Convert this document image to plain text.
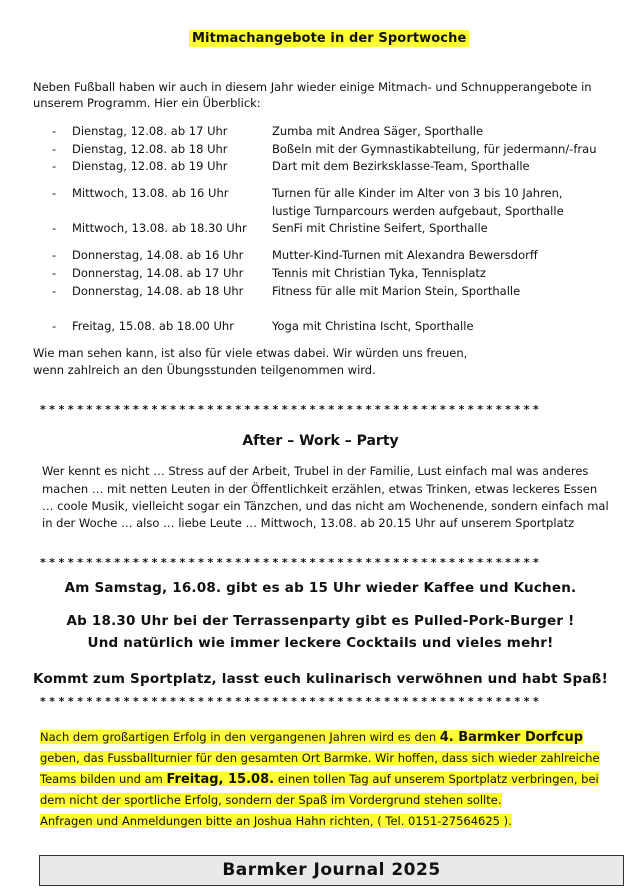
Mitmachangebote in der Sportwoche
Neben Fußball haben wir auch in diesem Jahr wieder einige Mitmach- und Schnupperangebote in
unserem Programm. Hier ein Überblick:
- Dienstag, 12.08. ab 17 Uhr	Zumba mit Andrea Säger, Sporthalle
- Dienstag, 12.08. ab 18 Uhr	Boßeln mit der Gymnastikabteilung, für jedermann/-frau
- Dienstag, 12.08. ab 19 Uhr	Dart mit dem Bezirksklasse-Team, Sporthalle
- Mittwoch, 13.08. ab 16 Uhr	Turnen für alle Kinder im Alter von 3 bis 10 Jahren,
lustige Turnparcours werden aufgebaut, Sporthalle
- Mittwoch, 13.08. ab 18.30 Uhr SenFi mit Christine Seifert, Sporthalle
- Donnerstag, 14.08. ab 16 Uhr Mutter-Kind-Turnen mit Alexandra Bewersdorff
- Donnerstag, 14.08. ab 17 Uhr Tennis mit Christian Tyka, Tennisplatz
- Donnerstag, 14.08. ab 18 Uhr Fitness für alle mit Marion Stein, Sporthalle
- Freitag, 15.08. ab 18.00 Uhr	Yoga mit Christina Ischt, Sporthalle
Wie man sehen kann, ist also für viele etwas dabei. Wir würden uns freuen,
wenn zahlreich an den Übungsstunden teilgenommen wird.
******************************************************
After – Work – Party
Wer kennt es nicht … Stress auf der Arbeit, Trubel in der Familie, Lust einfach mal was anderes
machen … mit netten Leuten in der Öffentlichkeit erzählen, etwas Trinken, etwas leckeres Essen
… coole Musik, vielleicht sogar ein Tänzchen, und das nicht am Wochenende, sondern einfach mal
in der Woche … also … liebe Leute … Mittwoch, 13.08. ab 20.15 Uhr auf unserem Sportplatz
******************************************************
Am Samstag, 16.08. gibt es ab 15 Uhr wieder Kaffee und Kuchen.
Ab 18.30 Uhr bei der Terrassenparty gibt es Pulled-Pork-Burger !
Und natürlich wie immer leckere Cocktails und vieles mehr!
Kommt zum Sportplatz, lasst euch kulinarisch verwöhnen und habt Spaß!
******************************************************
Nach dem großartigen Erfolg in den vergangenen Jahren wird es den 4. Barmker Dorfcup geben, das Fussballturnier für den gesamten Ort Barmke. Wir hoffen, dass sich wieder zahlreiche Teams bilden und am Freitag, 15.08. einen tollen Tag auf unserem Sportplatz verbringen, bei dem nicht der sportliche Erfolg, sondern der Spaß im Vordergrund stehen sollte.
Anfragen und Anmeldungen bitte an Joshua Hahn richten, ( Tel. 0151-27564625 ).
Barmker Journal 2025
